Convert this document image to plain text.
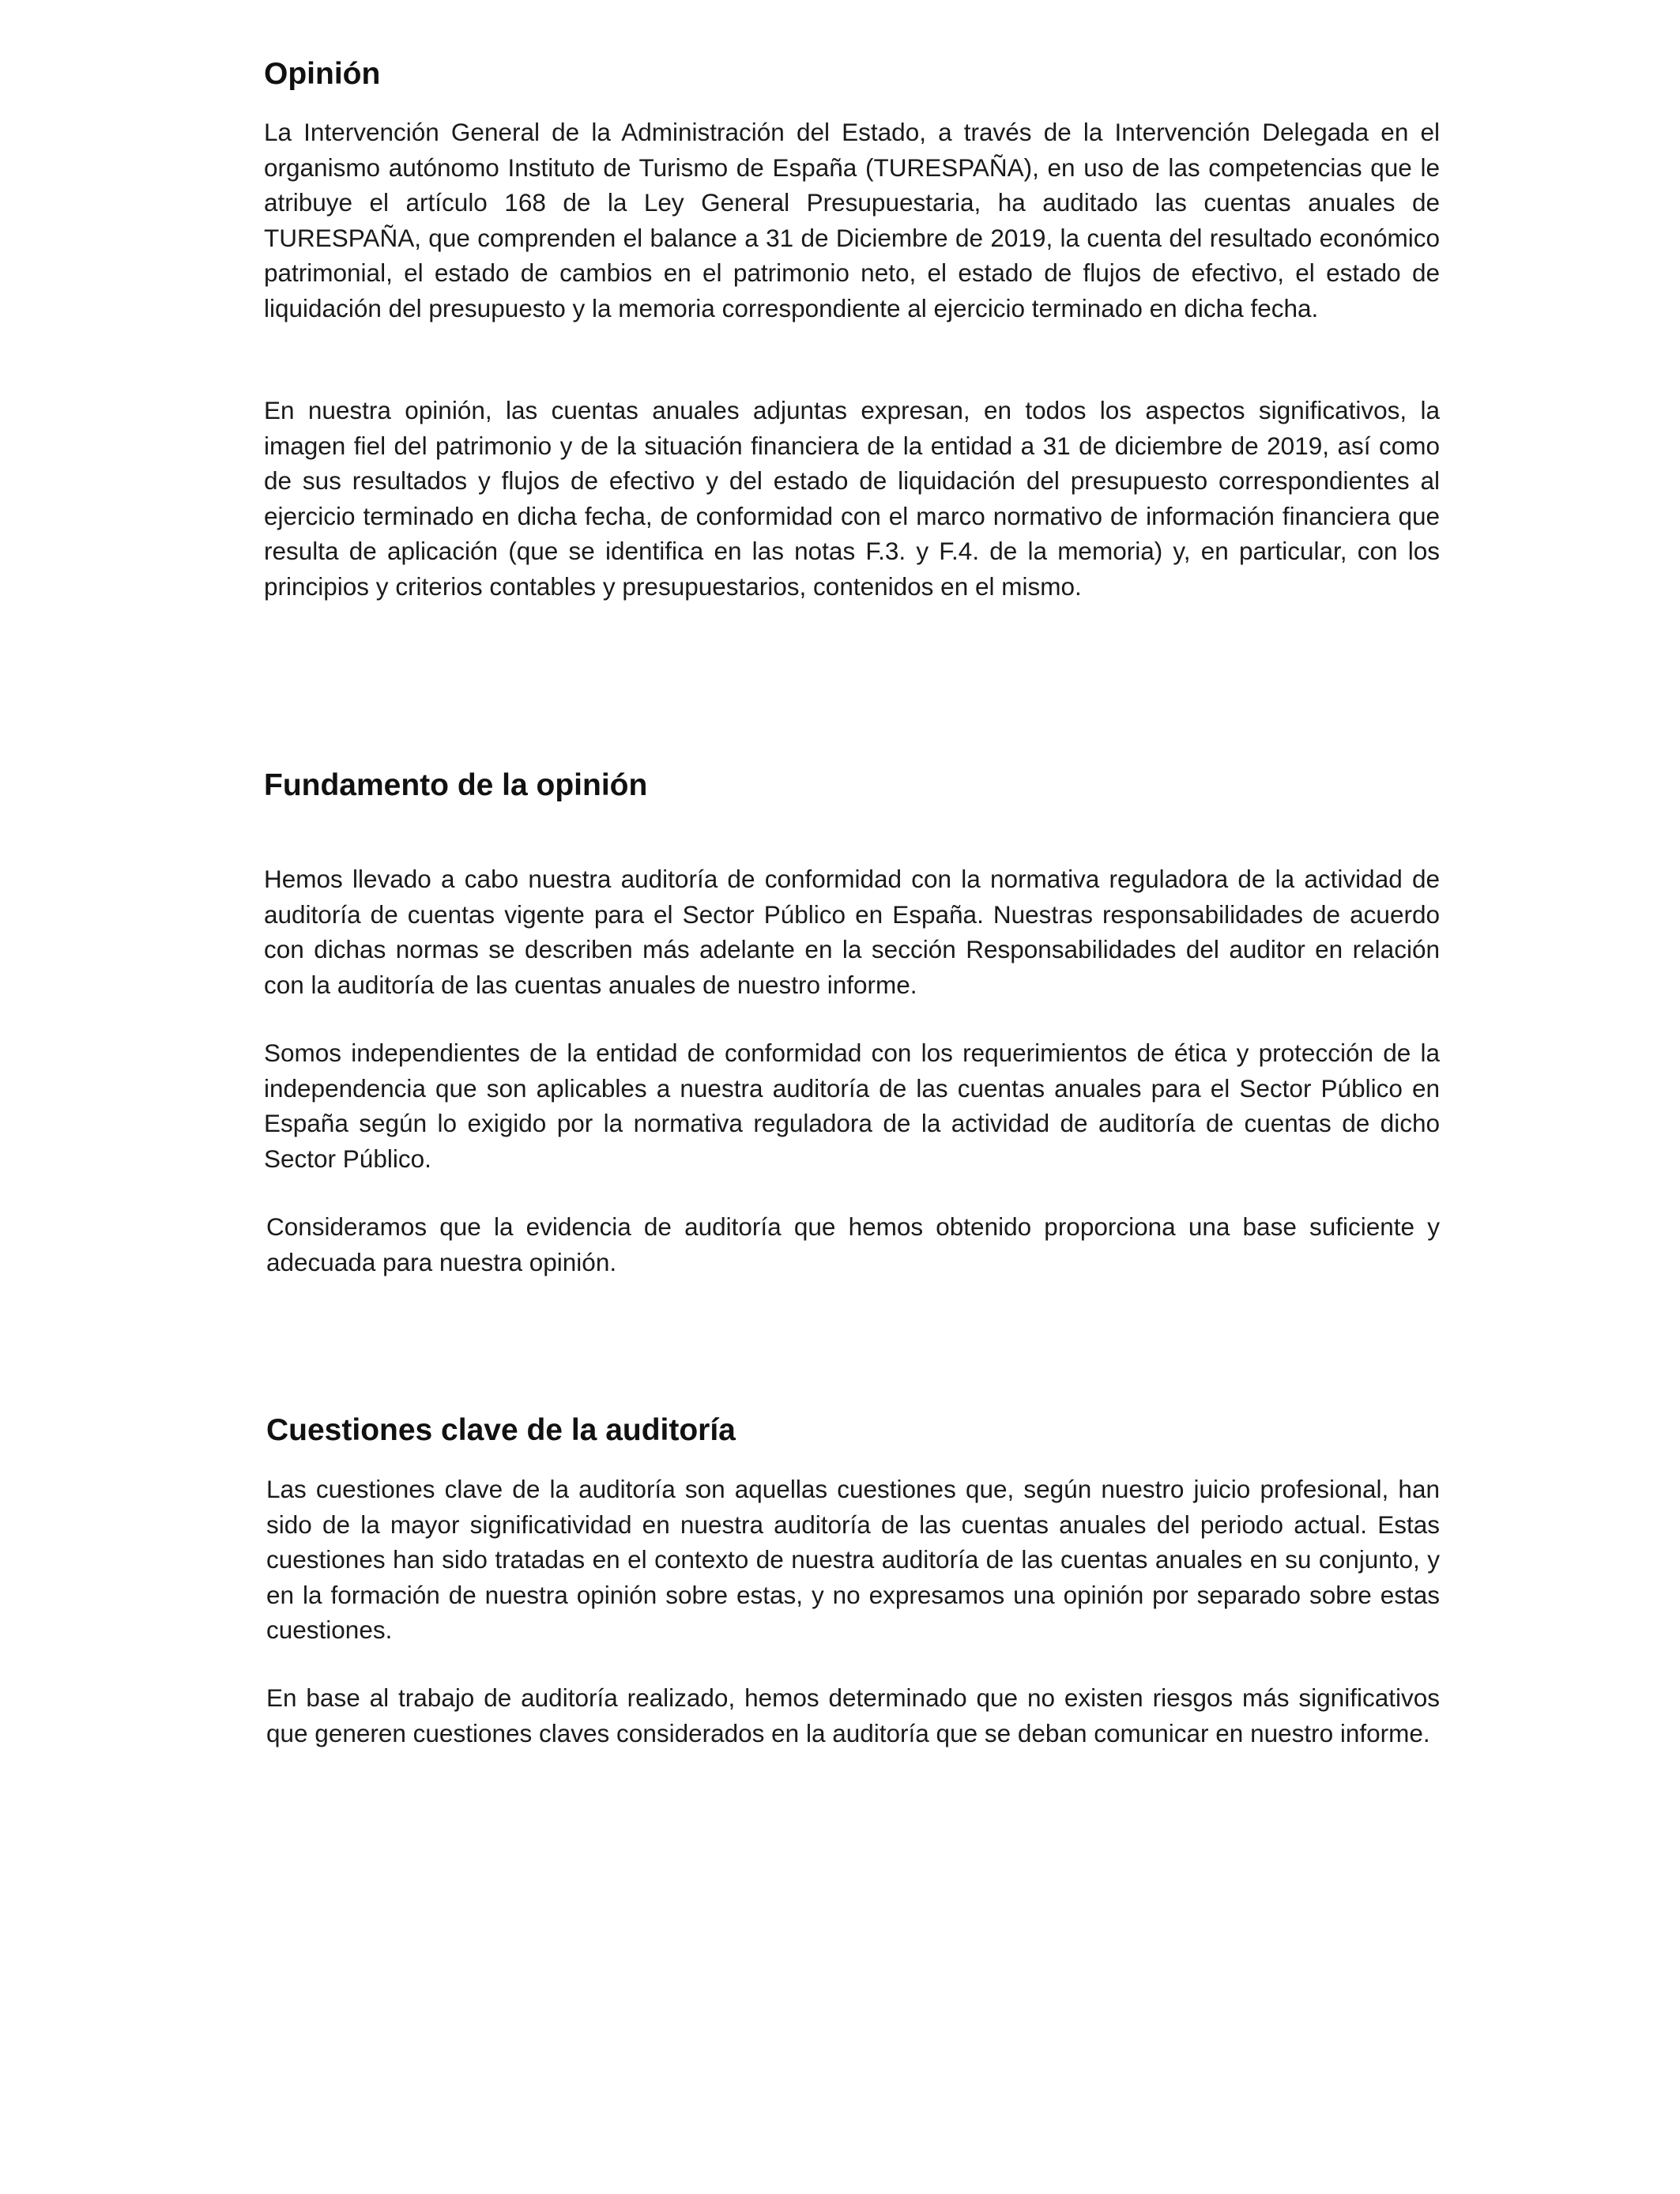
Opinión

La Intervención General de la Administración del Estado, a través de la Intervención Delegada en el organismo autónomo Instituto de Turismo de España (TURESPAÑA), en uso de las competencias que le atribuye el artículo 168 de la Ley General Presupuestaria, ha auditado las cuentas anuales de TURESPAÑA, que comprenden el balance a 31 de Diciembre de 2019, la cuenta del resultado económico patrimonial, el estado de cambios en el patrimonio neto, el estado de flujos de efectivo, el estado de liquidación del presupuesto y la memoria correspondiente al ejercicio terminado en dicha fecha.

En nuestra opinión, las cuentas anuales adjuntas expresan, en todos los aspectos significativos, la imagen fiel del patrimonio y de la situación financiera de la entidad a 31 de diciembre de 2019, así como de sus resultados y flujos de efectivo y del estado de liquidación del presupuesto correspondientes al ejercicio terminado en dicha fecha, de conformidad con el marco normativo de información financiera que resulta de aplicación (que se identifica en las notas F.3. y F.4. de la memoria) y, en particular, con los principios y criterios contables y presupuestarios, contenidos en el mismo.

Fundamento de la opinión

Hemos llevado a cabo nuestra auditoría de conformidad con la normativa reguladora de la actividad de auditoría de cuentas vigente para el Sector Público en España. Nuestras responsabilidades de acuerdo con dichas normas se describen más adelante en la sección Responsabilidades del auditor en relación con la auditoría de las cuentas anuales de nuestro informe.

Somos independientes de la entidad de conformidad con los requerimientos de ética y protección de la independencia que son aplicables a nuestra auditoría de las cuentas anuales para el Sector Público en España según lo exigido por la normativa reguladora de la actividad de auditoría de cuentas de dicho Sector Público.

Consideramos que la evidencia de auditoría que hemos obtenido proporciona una base suficiente y adecuada para nuestra opinión.

Cuestiones clave de la auditoría

Las cuestiones clave de la auditoría son aquellas cuestiones que, según nuestro juicio profesional, han sido de la mayor significatividad en nuestra auditoría de las cuentas anuales del periodo actual. Estas cuestiones han sido tratadas en el contexto de nuestra auditoría de las cuentas anuales en su conjunto, y en la formación de nuestra opinión sobre estas, y no expresamos una opinión por separado sobre estas cuestiones.

En base al trabajo de auditoría realizado, hemos determinado que no existen riesgos más significativos que generen cuestiones claves considerados en la auditoría que se deban comunicar en nuestro informe.
